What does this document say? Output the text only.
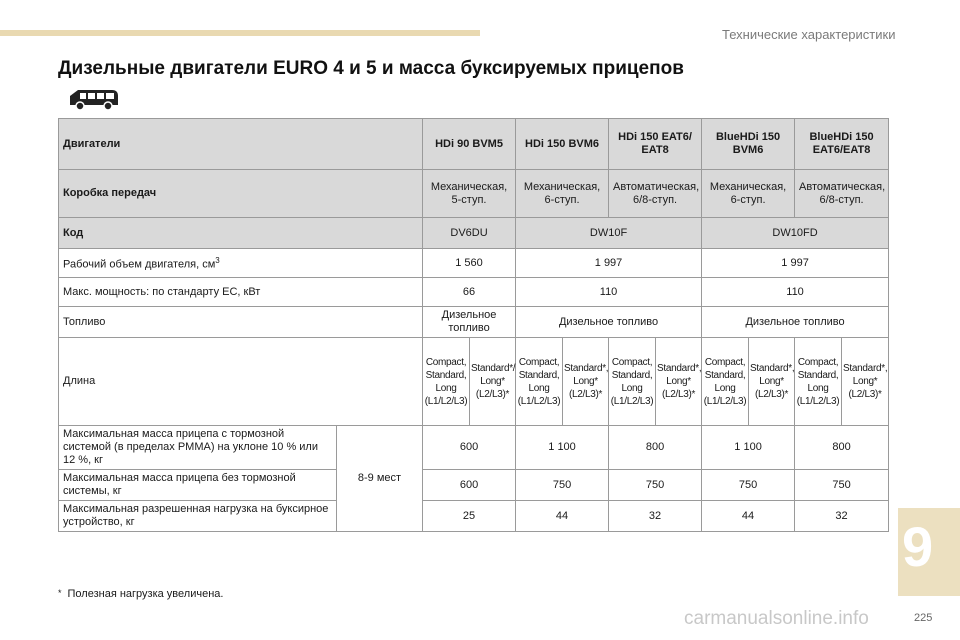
Технические характеристики
Дизельные двигатели EURO 4 и 5 и масса буксируемых прицепов
Двигатели		HDi 90 BVM5		HDi 150 BVM6		HDi 150 EAT6/ EAT8		BlueHDi 150 BVM6		BlueHDi 150 EAT6/EAT8	
Коробка передач		Механическая, 5-ступ.		Механическая, 6-ступ.		Автоматическая, 6/8-ступ.		Механическая, 6-ступ.		Автоматическая, 6/8-ступ.	
Код		DV6DU		DW10F				DW10FD			
Рабочий объем двигателя, $см^3$		1 560		1 997				1 997			
Макс. мощность: по стандарту ЕС, кВт		66		110				110			
Топливо		Дизельное топливо		Дизельное топливо				Дизельное топливо			
Длина		Compact, Standard, Long (L1/L2/L3)	Standard*/ Long* (L2/L3)*	Compact, Standard, Long (L1/L2/L3)	Standard*, Long* (L2/L3)*	Compact, Standard, Long (L1/L2/L3)	Standard*, Long* (L2/L3)*	Compact, Standard, Long (L1/L2/L3)	Standard*, Long* (L2/L3)*	Compact, Standard, Long (L1/L2/L3)	Standard*, Long* (L2/L3)*
Максимальная масса прицепа с тормозной системой (в пределах PMMA) на уклоне 10 % или 12 %, кг	8-9 мест	600		1 100		800		1 100		800	
Максимальная масса прицепа без тормозной системы, кг		600		750		750		750		750	
Максимальная разрешенная нагрузка на буксирное устройство, кг		25		44		32		44		32	
* Полезная нагрузка увеличена.
9
carmanualsonline.info	225
